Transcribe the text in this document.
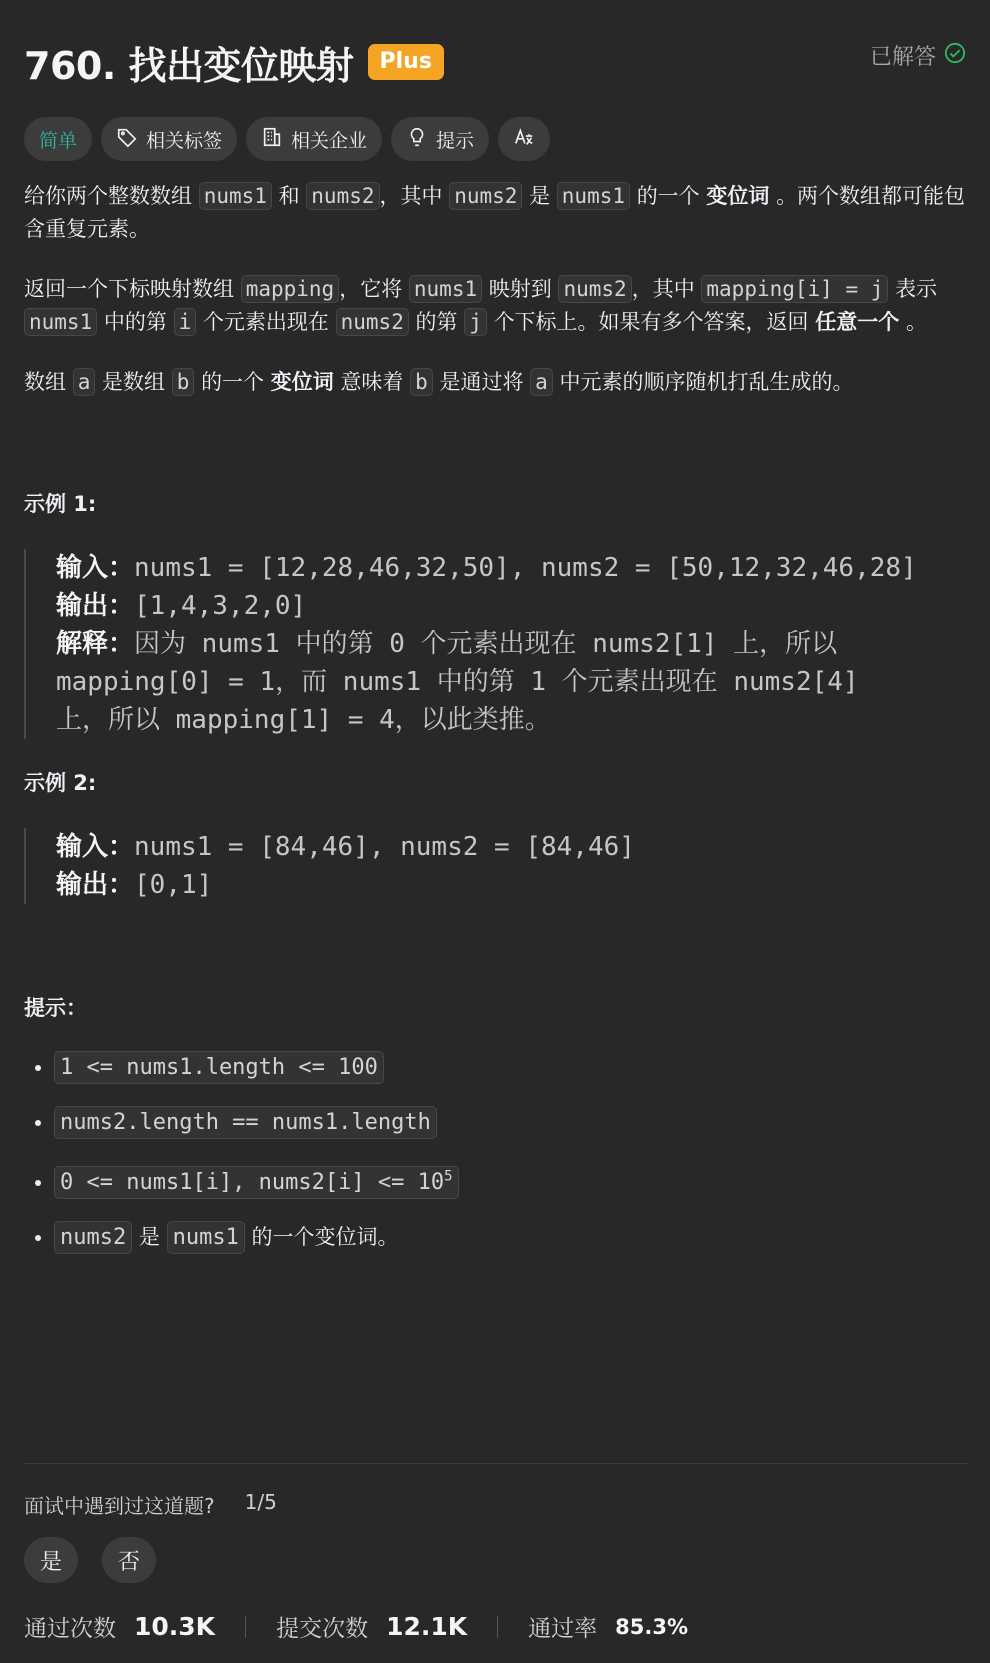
760. 找出变位映射	Plus	已解答
简单	相关标签	相关企业	提示

给你两个整数数组 nums1 和 nums2 ，其中 nums2 是 nums1 的一个 变位词 。两个数组都可能包含重复元素。

返回一个下标映射数组 mapping ，它将 nums1 映射到 nums2 ，其中 mapping[i] = j 表示 nums1 中的第 i 个元素出现在 nums2 的第 j 个下标上。如果有多个答案，返回 任意一个 。

数组 a 是数组 b 的一个 变位词 意味着 b 是通过将 a 中元素的顺序随机打乱生成的。

示例 1:

输入：nums1 = [12,28,46,32,50], nums2 = [50,12,32,46,28]
输出：[1,4,3,2,0]
解释：因为 nums1 中的第 0 个元素出现在 nums2[1] 上，所以
mapping[0] = 1，而 nums1 中的第 1 个元素出现在 nums2[4]
上，所以 mapping[1] = 4，以此类推。

示例 2:

输入：nums1 = [84,46], nums2 = [84,46]
输出：[0,1]

提示：

• 1 <= nums1.length <= 100
• nums2.length == nums1.length
• 0 <= nums1[i], nums2[i] <= $10^5$
• nums2 是 nums1 的一个变位词。
面试中遇到过这道题? 1/5
是	否
通过次数 10.3K	提交次数 12.1K	通过率 85.3%
